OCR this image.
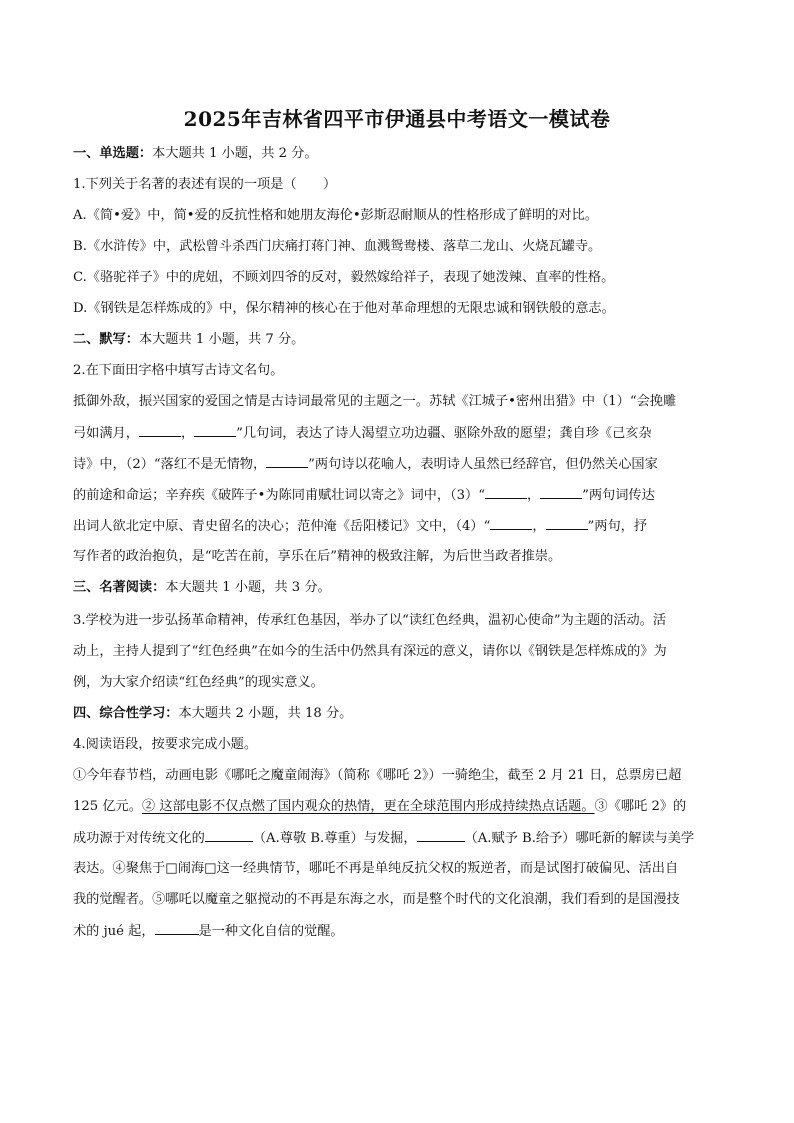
2025年吉林省四平市伊通县中考语文一模试卷
一、单选题：本大题共 1 小题，共 2 分。
1.下列关于名著的表述有误的一项是（　　）
A.《简•爱》中，简•爱的反抗性格和她朋友海伦•彭斯忍耐顺从的性格形成了鲜明的对比。
B.《水浒传》中，武松曾斗杀西门庆痛打蒋门神、血溅鸳鸯楼、落草二龙山、火烧瓦罐寺。
C.《骆驼祥子》中的虎妞，不顾刘四爷的反对，毅然嫁给祥子，表现了她泼辣、直率的性格。
D.《钢铁是怎样炼成的》中，保尔精神的核心在于他对革命理想的无限忠诚和钢铁般的意志。
二、默写：本大题共 1 小题，共 7 分。
2.在下面田字格中填写古诗文名句。
抵御外敌，振兴国家的爱国之情是古诗词最常见的主题之一。苏轼《江城子•密州出猎》中（1）“会挽雕
弓如满月，	，	”几句词，表达了诗人渴望立功边疆、驱除外敌的愿望；龚自珍《己亥杂
诗》中，（2）“落红不是无情物，	”两句诗以花喻人，表明诗人虽然已经辞官，但仍然关心国家
的前途和命运；辛弃疾《破阵子•为陈同甫赋壮词以寄之》词中，（3）“	，	”两句词传达
出词人欲北定中原、青史留名的决心；范仲淹《岳阳楼记》文中，（4）“	，	”两句，抒
写作者的政治抱负，是“吃苦在前，享乐在后”精神的极致注解，为后世当政者推崇。
三、名著阅读：本大题共 1 小题，共 3 分。
3.学校为进一步弘扬革命精神，传承红色基因，举办了以“读红色经典，温初心使命”为主题的活动。活
动上，主持人提到了“红色经典”在如今的生活中仍然具有深远的意义，请你以《钢铁是怎样炼成的》为
例，为大家介绍读“红色经典”的现实意义。
四、综合性学习：本大题共 2 小题，共 18 分。
4.阅读语段，按要求完成小题。
①今年春节档，动画电影《哪吒之魔童闹海》（简称《哪吒 2》）一骑绝尘，截至 2 月 21 日，总票房已超
125 亿元。② 这部电影不仅点燃了国内观众的热情，更在全球范围内形成持续热点话题。③《哪吒 2》的
成功源于对传统文化的	（A.尊敬 B.尊重）与发掘，	（A.赋予 B.给予）哪吒新的解读与美学
表达。④聚焦于□闹海□这一经典情节，哪吒不再是单纯反抗父权的叛逆者，而是试图打破偏见、活出自
我的觉醒者。⑤哪吒以魔童之躯搅动的不再是东海之水，而是整个时代的文化浪潮，我们看到的是国漫技
术的 jué 起，	是一种文化自信的觉醒。
